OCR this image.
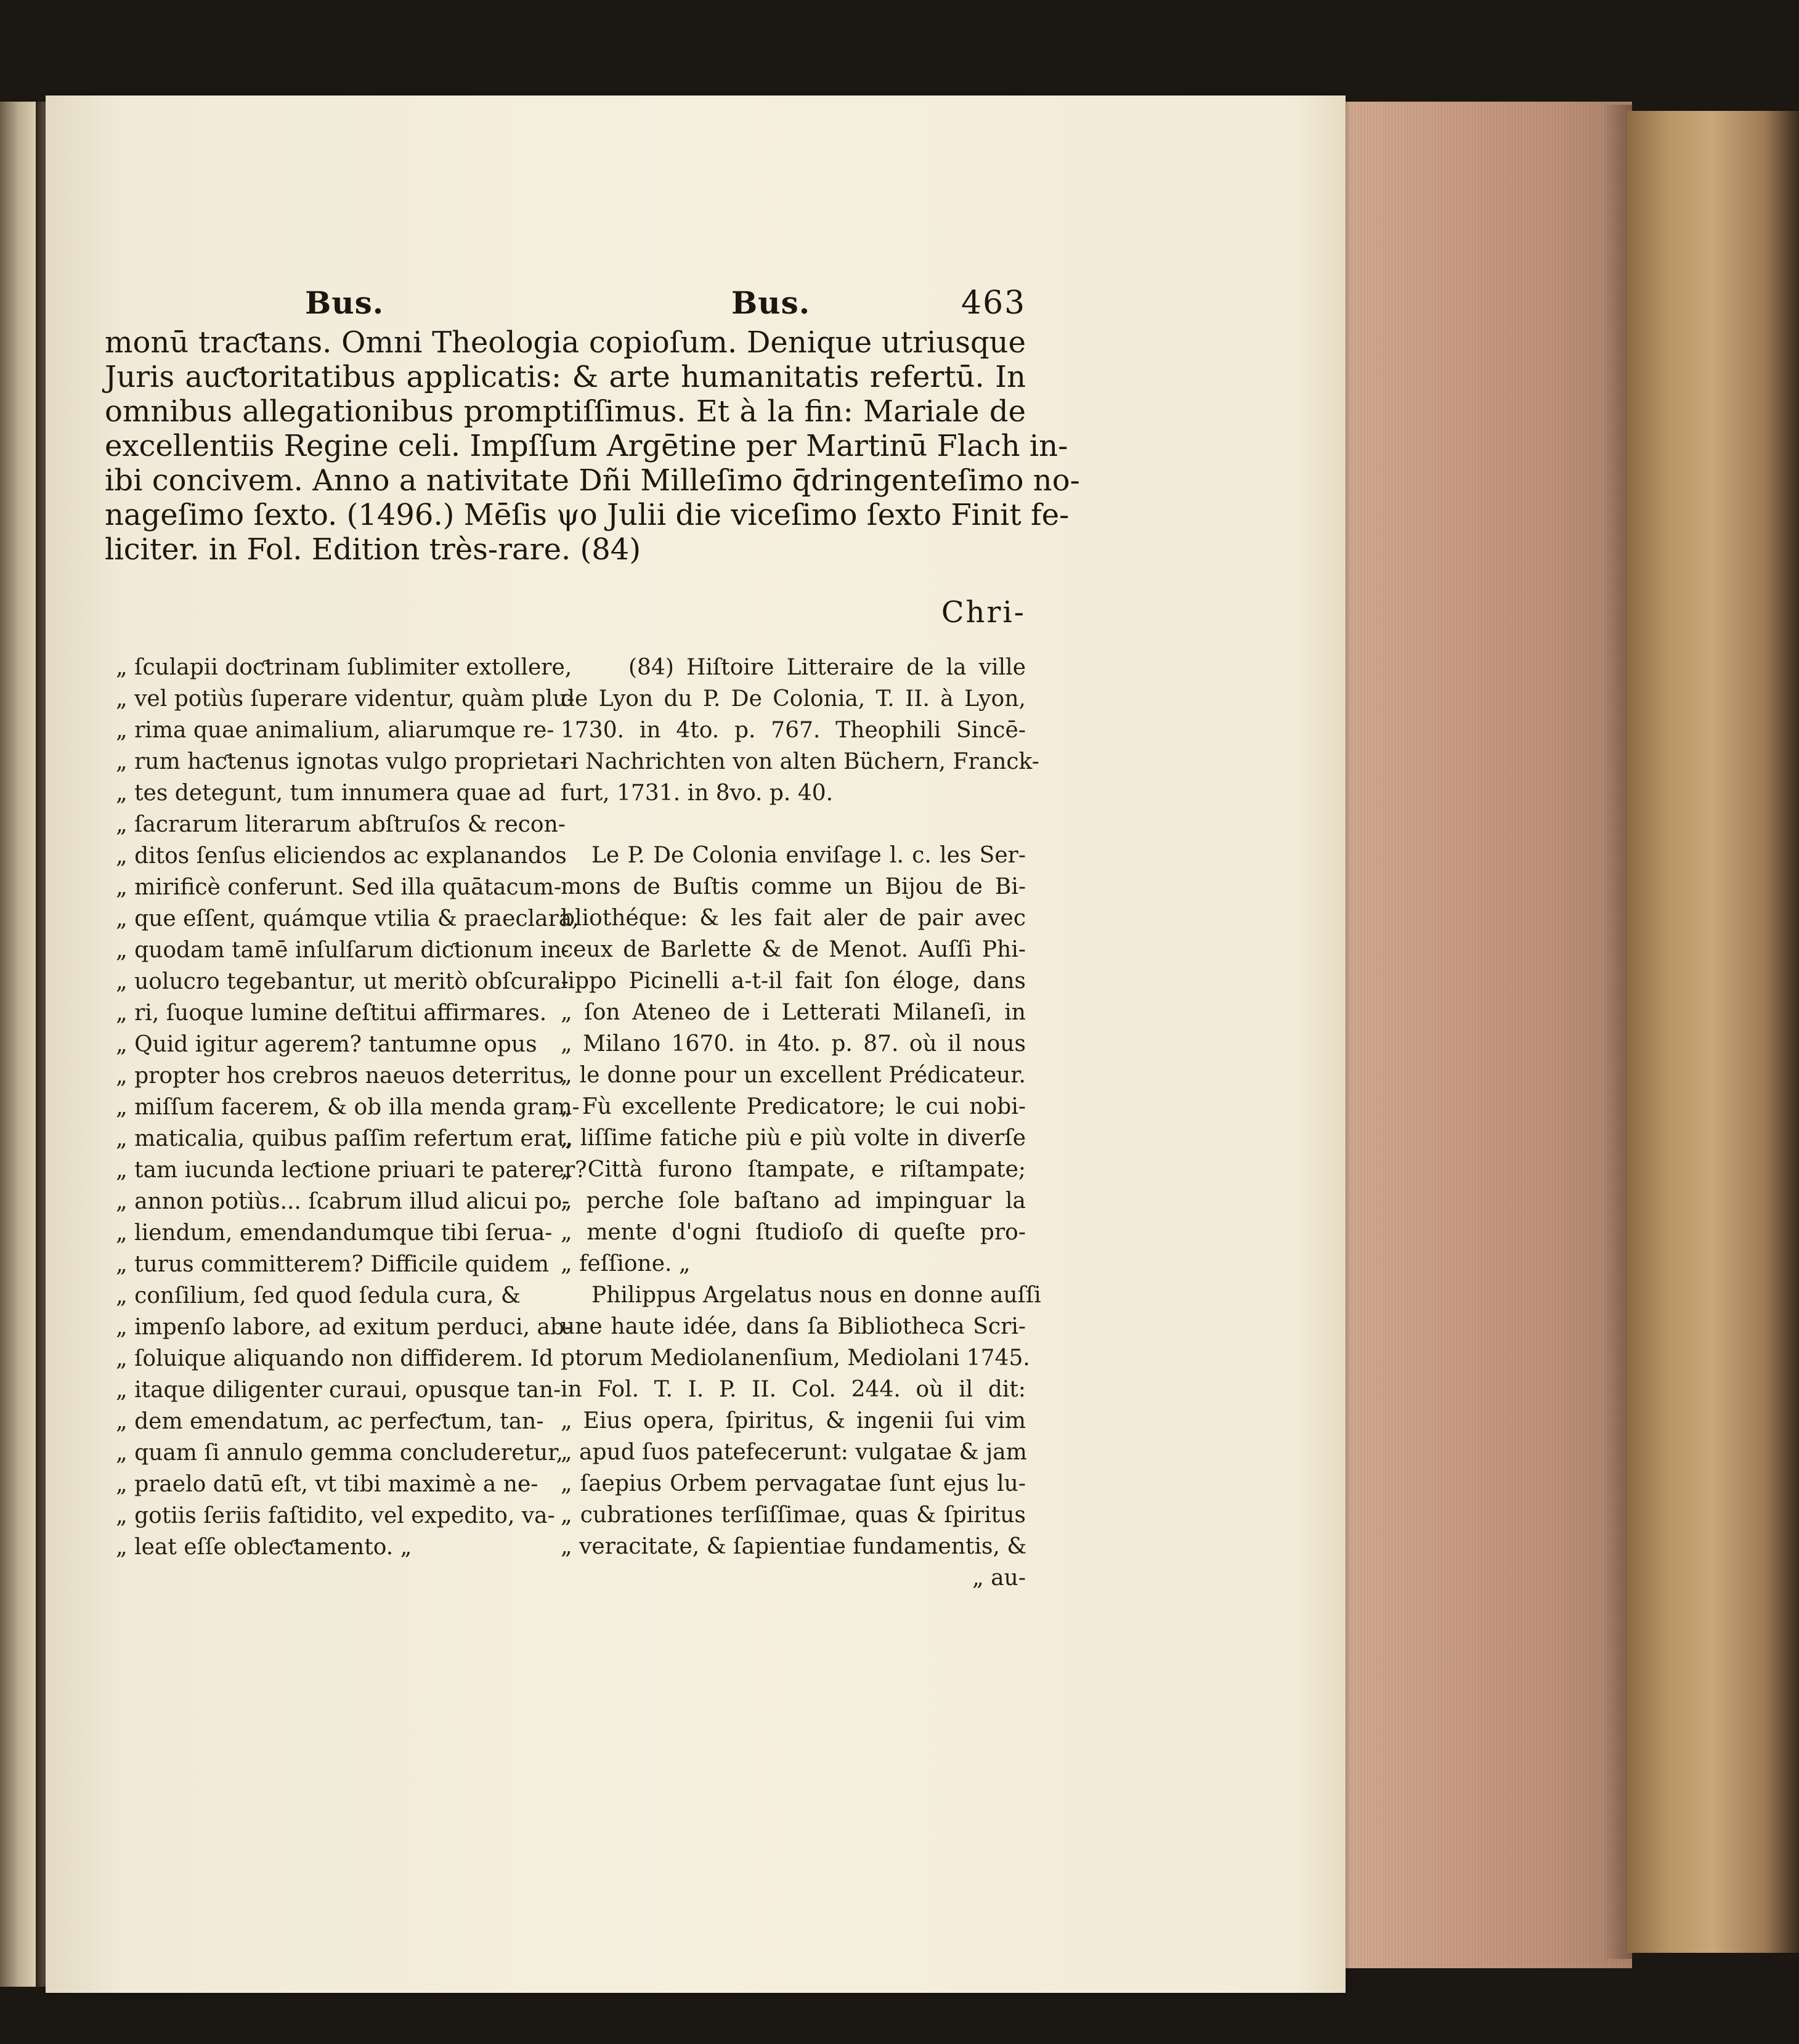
Bus.	Bus.	463
monū traƈtans. Omni Theologia copioſum. Denique utriusque
Juris auƈtoritatibus applicatis: & arte humanitatis refertū. In
omnibus allegationibus promptiſſimus. Et à la fin: Mariale de
excellentiis Regine celi. Impſſum Argētine per Martinū Flach in-
ibi concivem. Anno a nativitate Dñi Milleſimo q̄dringenteſimo no-
nageſimo ſexto. (1496.) Mēſis ψo Julii die viceſimo ſexto Finit fe-
liciter. in Fol. Edition très-rare. (84)
Chri-
„ ſculapii doƈtrinam ſublimiter extollere,
„ vel potiùs ſuperare videntur, quàm plu-
„ rima quae animalium, aliarumque re-
„ rum haƈtenus ignotas vulgo proprieta-
„ tes detegunt, tum innumera quae ad
„ ſacrarum literarum abſtruſos & recon-
„ ditos ſenſus eliciendos ac explanandos
„ mirificè conferunt. Sed illa quātacum-
„ que eſſent, quámque vtilia & praeclara,
„ quodam tamē inſulſarum diƈtionum in-
„ uolucro tegebantur, ut meritò obſcura-
„ ri, ſuoque lumine deſtitui affirmares.
„ Quid igitur agerem? tantumne opus
„ propter hos crebros naeuos deterritus
„ miſſum facerem, & ob illa menda gram-
„ maticalia, quibus paſſim refertum erat,
„ tam iucunda leƈtione priuari te paterer?
„ annon potiùs... ſcabrum illud alicui po-
„ liendum, emendandumque tibi ſerua-
„ turus committerem? Difficile quidem
„ conſilium, ſed quod ſedula cura, &
„ impenſo labore, ad exitum perduci, ab-
„ ſoluique aliquando non diffiderem. Id
„ itaque diligenter curaui, opusque tan-
„ dem emendatum, ac perfeƈtum, tan-
„ quam ſi annulo gemma concluderetur,
„ praelo datū eſt, vt tibi maximè a ne-
„ gotiis ſeriis faſtidito, vel expedito, va-
„ leat eſſe obleƈtamento. „
(84) Hiſtoire Litteraire de la ville
de Lyon du P. De Colonia, T. II. à Lyon,
1730. in 4to. p. 767. Theophili Sincē-
ri Nachrichten von alten Büchern, Franck-
furt, 1731. in 8vo. p. 40.
Le P. De Colonia enviſage l. c. les Ser-
mons de Buſtis comme un Bijou de Bi-
bliothéque: & les fait aler de pair avec
ceux de Barlette & de Menot. Auſſi Phi-
lippo Picinelli a-t-il fait ſon éloge, dans
„ ſon Ateneo de i Letterati Milaneſi, in
„ Milano 1670. in 4to. p. 87. où il nous
„ le donne pour un excellent Prédicateur.
„ Fù excellente Predicatore; le cui nobi-
„ liſſime fatiche più e più volte in diverſe
„ Città furono ſtampate, e riſtampate;
„ perche ſole baſtano ad impinguar la
„ mente d'ogni ſtudioſo di queſte pro-
„ feſſione. „
Philippus Argelatus nous en donne auſſi
une haute idée, dans ſa Bibliotheca Scri-
ptorum Mediolanenſium, Mediolani 1745.
in Fol. T. I. P. II. Col. 244. où il dit:
„ Eius opera, ſpiritus, & ingenii ſui vim
„ apud ſuos patefecerunt: vulgatae & jam
„ ſaepius Orbem pervagatae ſunt ejus lu-
„ cubrationes terſiſſimae, quas & ſpiritus
„ veracitate, & ſapientiae fundamentis, &
„ au-
